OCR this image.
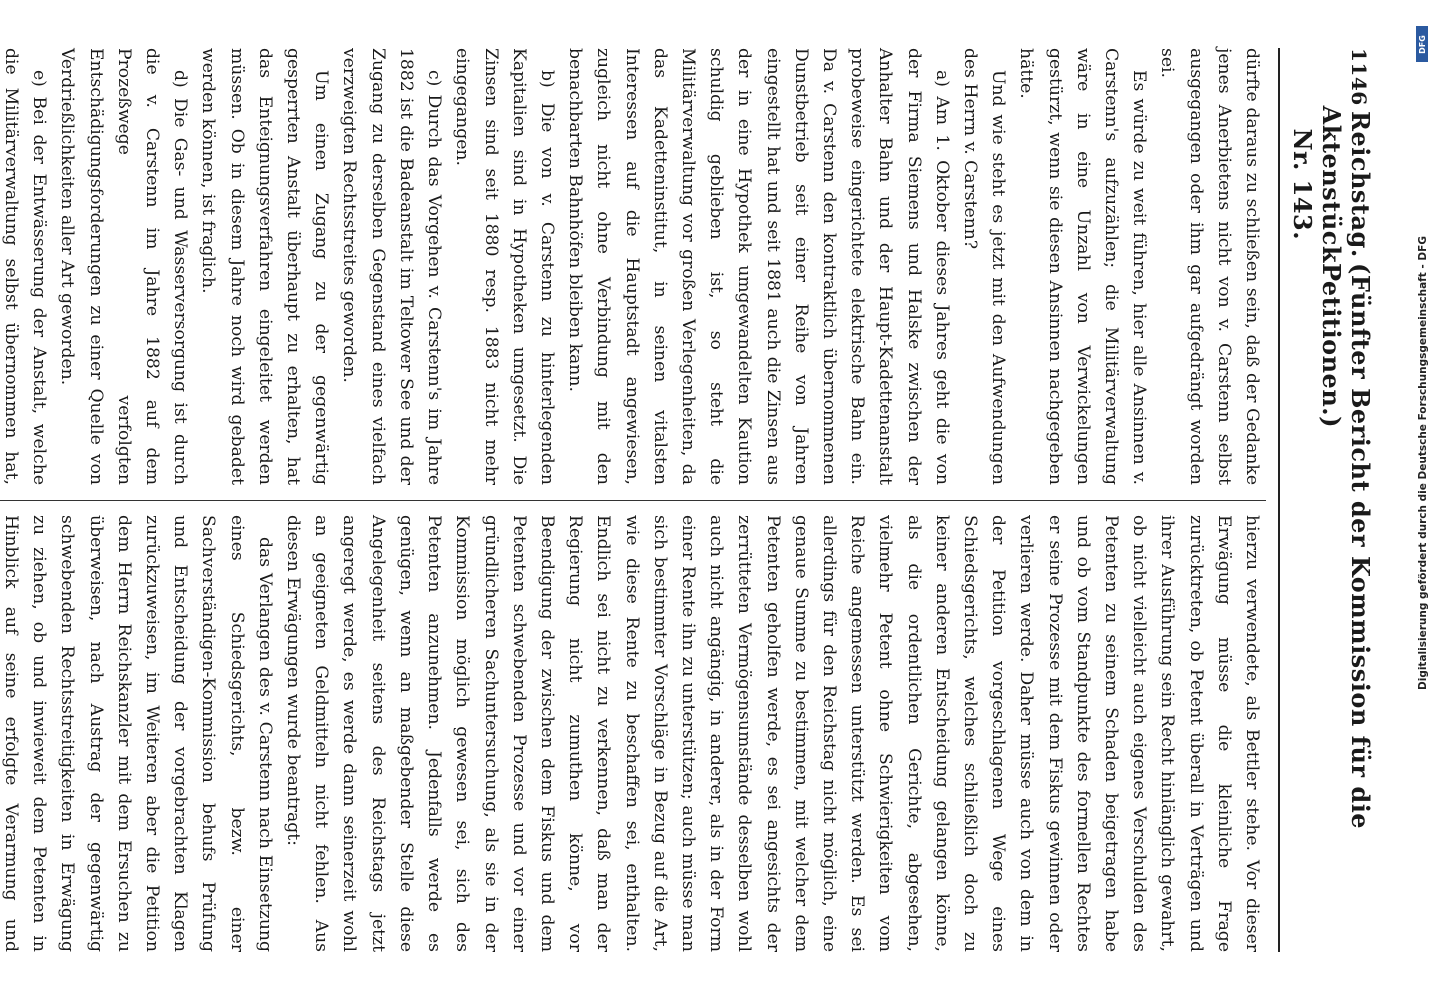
1146
Reichstag. Aktenstück Nr. 143.
(Fünfter Bericht der Kommission für die Petitionen.)

dürfte daraus zu schließen sein, daß der Gedanke jenes Anerbietens nicht von v. Carstenn selbst ausgegangen oder ihm gar aufgedrängt worden sei.

Es würde zu weit führen, hier alle Ansinnen v. Carstenn's aufzuzählen; die Militärverwaltung wäre in eine Unzahl von Verwickelungen gestürzt, wenn sie diesen Ansinnen nachgegeben hätte.

Und wie steht es jetzt mit den Aufwendungen des Herrn v. Carstenn?

a) Am 1. Oktober dieses Jahres geht die von der Firma Siemens und Halske zwischen der Anhalter Bahn und der Haupt-Kadettenanstalt probeweise eingerichtete elektrische Bahn ein. Da v. Carstenn den kontraktlich übernommenen Dunstbetrieb seit einer Reihe von Jahren eingestellt hat und seit 1881 auch die Zinsen aus der in eine Hypothek umgewandelten Kaution schuldig geblieben ist, so steht die Militärverwaltung vor großen Verlegenheiten, da das Kadetteninstitut, in seinen vitalsten Interessen auf die Hauptstadt angewiesen, zugleich nicht ohne Verbindung mit den benachbarten Bahnhöfen bleiben kann.

b) Die von v. Carstenn zu hinterlegenden Kapitalien sind in Hypotheken umgesetzt. Die Zinsen sind seit 1880 resp. 1883 nicht mehr eingegangen.

c) Durch das Vorgehen v. Carstenn's im Jahre 1882 ist die Badeanstalt im Teltower See und der Zugang zu derselben Gegenstand eines vielfach verzweigten Rechtsstreites geworden.

Um einen Zugang zu der gegenwärtig gesperrten Anstalt überhaupt zu erhalten, hat das Enteignungsverfahren eingeleitet werden müssen. Ob in diesem Jahre noch wird gebadet werden können, ist fraglich.

d) Die Gas- und Wasserversorgung ist durch die v. Carstenn im Jahre 1882 auf dem Prozeßwege verfolgten Entschädigungsforderungen zu einer Quelle von Verdrießlichkeiten aller Art geworden.

e) Bei der Entwässerung der Anstalt, welche die Militärverwaltung selbst übernommen hat,

hierzu verwendete, als Bettler stehe. Vor dieser Erwägung müsse die kleinliche Frage zurücktreten, ob Petent überall in Verträgen und ihrer Ausführung sein Recht hinlänglich gewahrt, ob nicht vielleicht auch eigenes Verschulden des Petenten zu seinem Schaden beigetragen habe und ob vom Standpunkte des formellen Rechtes er seine Prozesse mit dem Fiskus gewinnen oder verlieren werde. Daher müsse auch von dem in der Petition vorgeschlagenen Wege eines Schiedsgerichts, welches schließlich doch zu keiner anderen Entscheidung gelangen könne, als die ordentlichen Gerichte, abgesehen, vielmehr Petent ohne Schwierigkeiten vom Reiche angemessen unterstützt werden. Es sei allerdings für den Reichstag nicht möglich, eine genaue Summe zu bestimmen, mit welcher dem Petenten geholfen werde, es sei angesichts der zerrütteten Vermögensumstände desselben wohl auch nicht angängig, in anderer, als in der Form einer Rente ihn zu unterstützen; auch müsse man sich bestimmter Vorschläge in Bezug auf die Art, wie diese Rente zu beschaffen sei, enthalten. Endlich sei nicht zu verkennen, daß man der Regierung nicht zumuthen könne, vor Beendigung der zwischen dem Fiskus und dem Petenten schwebenden Prozesse und vor einer gründlicheren Sachuntersuchung, als sie in der Kommission möglich gewesen sei, sich des Petenten anzunehmen. Jedenfalls werde es genügen, wenn an maßgebender Stelle diese Angelegenheit seitens des Reichstags jetzt angeregt werde, es werde dann seinerzeit wohl an geeigneten Geldmitteln nicht fehlen. Aus diesen Erwägungen wurde beantragt:

das Verlangen des v. Carstenn nach Einsetzung eines Schiedsgerichts, bezw. einer Sachverständigen-Kommission behufs Prüfung und Entscheidung der vorgebrachten Klagen zurückzuweisen, im Weiteren aber die Petition dem Herrn Reichskanzler mit dem Ersuchen zu überweisen, nach Austrag der gegenwärtig schwebenden Rechtsstreitigkeiten in Erwägung zu ziehen, ob und inwieweit dem Petenten in Hinblick auf seine erfolgte Verarmung und

Digitalisierung gefördert durch die Deutsche Forschungsgemeinschaft - DFG
DFG
